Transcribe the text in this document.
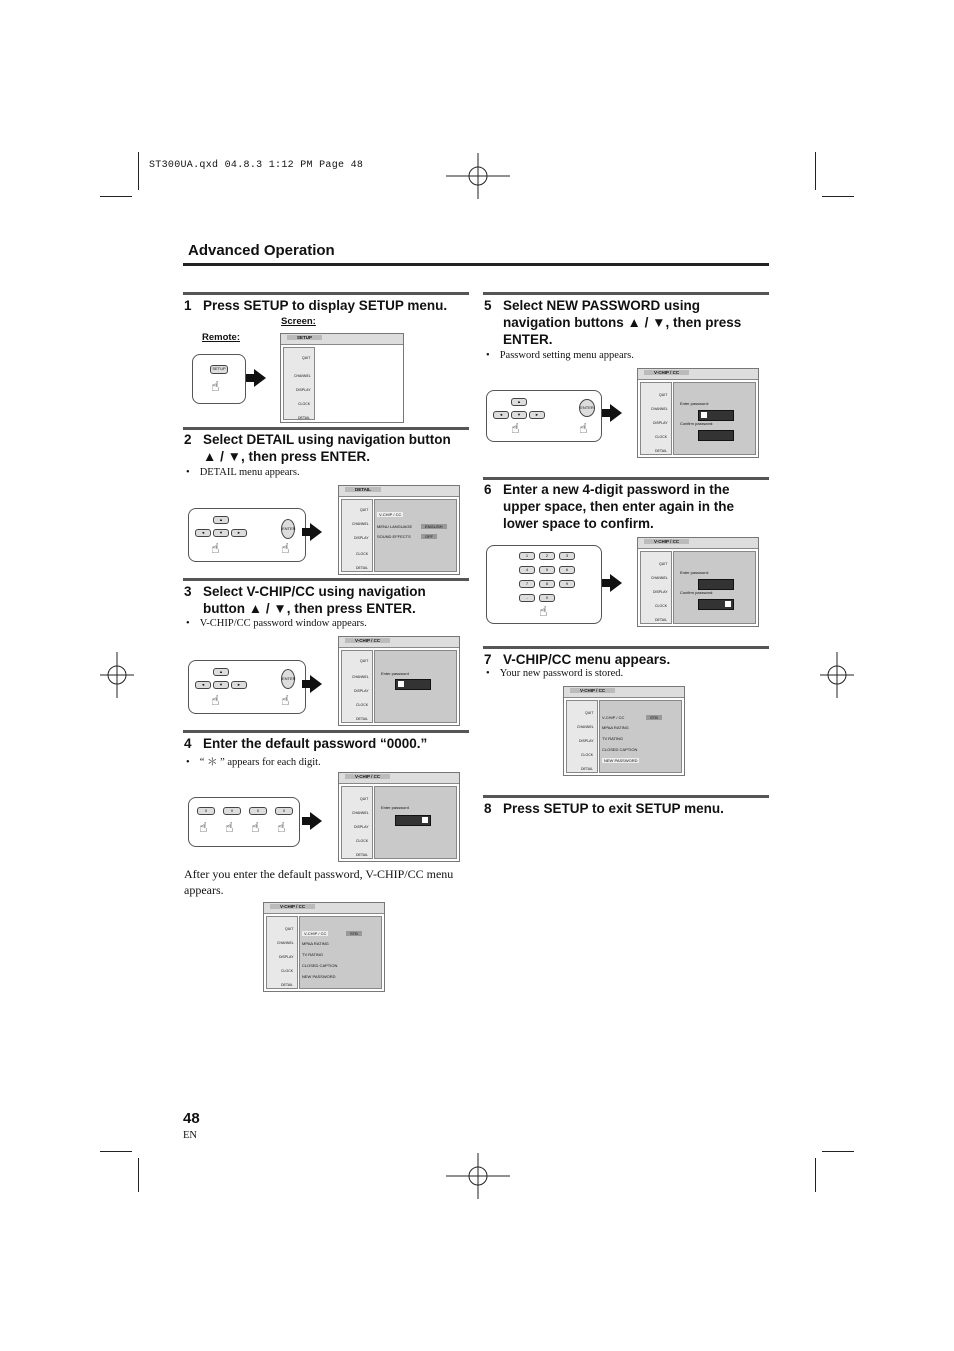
ST300UA.qxd 04.8.3 1:12 PM Page 48
Advanced Operation
1 Press SETUP to display SETUP menu.
Screen:
Remote:
SETUP
☝
SETUP
QUIT
CHANNEL
DISPLAY
CLOCK
DETAIL
2 Select DETAIL using navigation button
▲ / ▼, then press ENTER.
• DETAIL menu appears.
▲
◄	▼	►
ENTER
☝	☝
DETAIL
QUIT
CHANNEL
DISPLAY
CLOCK
DETAIL
V-CHIP / CC
MENU LANGUAGE
SOUND EFFECTS
ENGLISH
OFF
3 Select V-CHIP/CC using navigation
button ▲ / ▼, then press ENTER.
• V-CHIP/CC password window appears.
▲
◄	▼	►
ENTER
☝	☝
V-CHIP / CC
QUIT
CHANNEL
DISPLAY
CLOCK
DETAIL
Enter password
4 Enter the default password “0000.”
• “ ＊ ” appears for each digit.
0	0	0	0
☝ ☝ ☝ ☝
V-CHIP / CC
QUIT
CHANNEL
DISPLAY
CLOCK
DETAIL
Enter password
After you enter the default password, V-CHIP/CC menu appears.
V-CHIP / CC
QUIT
CHANNEL
DISPLAY
CLOCK
DETAIL
V-CHIP / CC	STB
MPAA RATING
TV RATING
CLOSED CAPTION
NEW PASSWORD
5 Select NEW PASSWORD using
navigation buttons ▲ / ▼, then press
ENTER.
• Password setting menu appears.
▲
◄	▼	►
ENTER
☝	☝
V-CHIP / CC
QUIT
CHANNEL
DISPLAY
CLOCK
DETAIL
Enter password:
Confirm password:
6 Enter a new 4-digit password in the
upper space, then enter again in the
lower space to confirm.
1	2	3
4	5	6
7	8	9
-	0
☝
V-CHIP / CC
QUIT
CHANNEL
DISPLAY
CLOCK
DETAIL
Enter password:
Confirm password:
7 V-CHIP/CC menu appears.
• Your new password is stored.
V-CHIP / CC
QUIT
CHANNEL
DISPLAY
CLOCK
DETAIL
V-CHIP / CC	STB
MPAA RATING
TV RATING
CLOSED CAPTION
NEW PASSWORD
8 Press SETUP to exit SETUP menu.
48
EN
